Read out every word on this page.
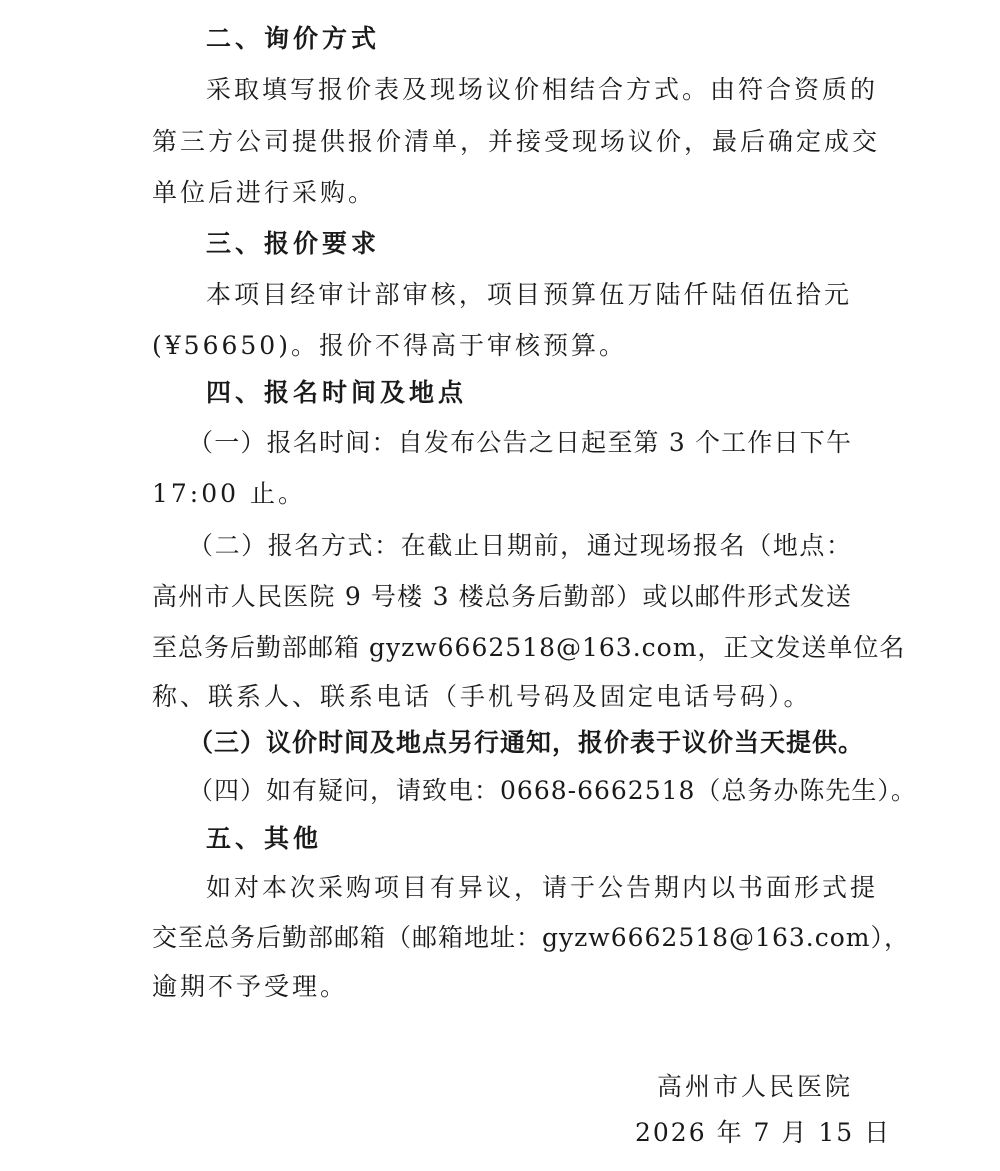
二、询价方式
采取填写报价表及现场议价相结合方式。由符合资质的
第三方公司提供报价清单，并接受现场议价，最后确定成交
单位后进行采购。
三、报价要求
本项目经审计部审核，项目预算伍万陆仟陆佰伍拾元
(¥56650)。报价不得高于审核预算。
四、报名时间及地点
（一）报名时间：自发布公告之日起至第 3 个工作日下午
17:00 止。
（二）报名方式：在截止日期前，通过现场报名（地点：
高州市人民医院 9 号楼 3 楼总务后勤部）或以邮件形式发送
至总务后勤部邮箱 gyzw6662518@163.com，正文发送单位名
称、联系人、联系电话（手机号码及固定电话号码）。
（三）议价时间及地点另行通知，报价表于议价当天提供。
（四）如有疑问，请致电：0668-6662518（总务办陈先生）。
五、其他
如对本次采购项目有异议，请于公告期内以书面形式提
交至总务后勤部邮箱（邮箱地址：gyzw6662518@163.com），
逾期不予受理。
高州市人民医院
2026 年 7 月 15 日
